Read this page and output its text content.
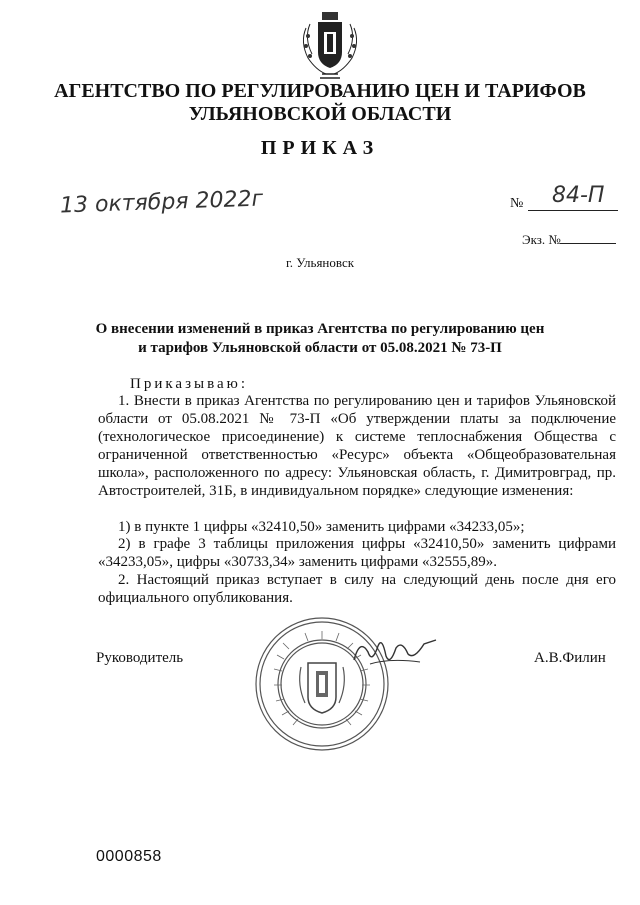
АГЕНТСТВО ПО РЕГУЛИРОВАНИЮ ЦЕН И ТАРИФОВ
УЛЬЯНОВСКОЙ ОБЛАСТИ
ПРИКАЗ
13 октября 2022г	№ 84-П
Экз. №
г. Ульяновск
О внесении изменений в приказ Агентства по регулированию цен
и тарифов Ульяновской области от 05.08.2021 № 73-П
Приказываю:
1. Внести в приказ Агентства по регулированию цен и тарифов Ульяновской области от 05.08.2021 № 73-П «Об утверждении платы за подключение (технологическое присоединение) к системе теплоснабжения Общества с ограниченной ответственностью «Ресурс» объекта «Общеобразовательная школа», расположенного по адресу: Ульяновская область, г. Димитровград, пр. Автостроителей, 31Б, в индивидуальном порядке» следующие изменения:
1) в пункте 1 цифры «32410,50» заменить цифрами «34233,05»;
2) в графе 3 таблицы приложения цифры «32410,50» заменить цифрами «34233,05», цифры «30733,34» заменить цифрами «32555,89».
2. Настоящий приказ вступает в силу на следующий день после дня его официального опубликования.
Руководитель	А.В.Филин
0000858
